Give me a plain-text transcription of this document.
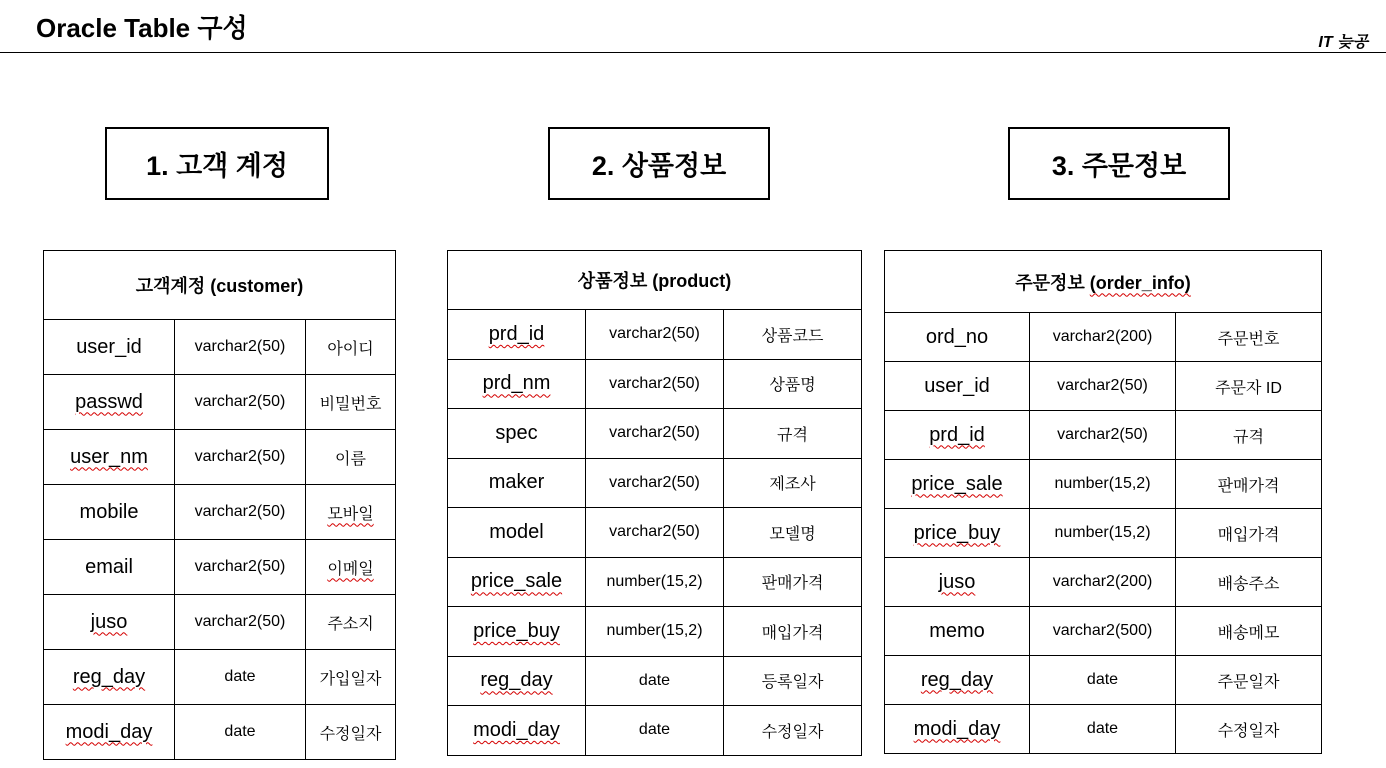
Oracle Table 구성	IT 늦공
1. 고객 계정	2. 상품정보	3. 주문정보
고객계정 (customer)		
user_id	varchar2(50)	아이디
passwd	varchar2(50)	비밀번호
user_nm	varchar2(50)	이름
mobile	varchar2(50)	모바일
email	varchar2(50)	이메일
juso	varchar2(50)	주소지
reg_day	date	가입일자
modi_day	date	수정일자
상품정보 (product)		
prd_id	varchar2(50)	상품코드
prd_nm	varchar2(50)	상품명
spec	varchar2(50)	규격
maker	varchar2(50)	제조사
model	varchar2(50)	모델명
price_sale	number(15,2)	판매가격
price_buy	number(15,2)	매입가격
reg_day	date	등록일자
modi_day	date	수정일자
주문정보 (order_info)		
ord_no	varchar2(200)	주문번호
user_id	varchar2(50)	주문자 ID
prd_id	varchar2(50)	규격
price_sale	number(15,2)	판매가격
price_buy	number(15,2)	매입가격
juso	varchar2(200)	배송주소
memo	varchar2(500)	배송메모
reg_day	date	주문일자
modi_day	date	수정일자
